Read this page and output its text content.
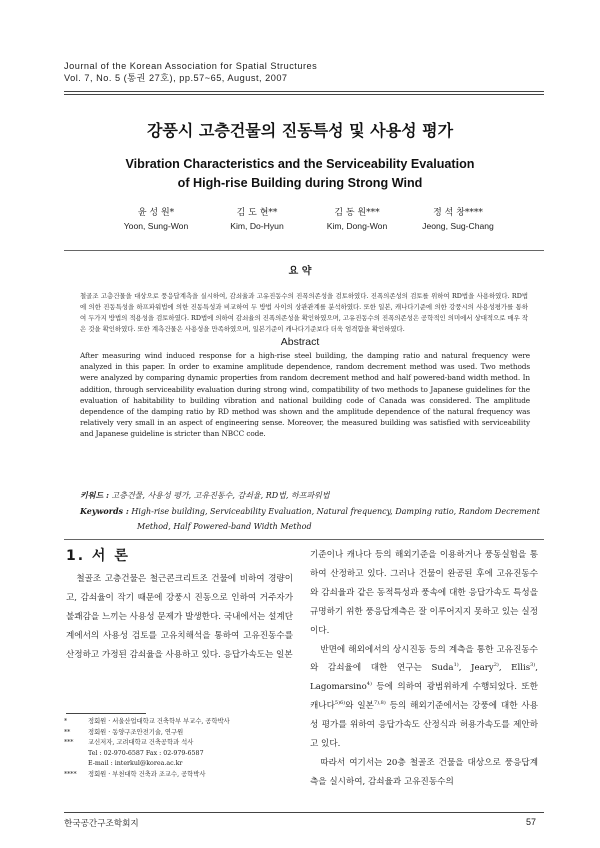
Journal of the Korean Association for Spatial Structures
Vol. 7, No. 5 (통권 27호), pp.57~65, August, 2007
강풍시 고층건물의 진동특성 및 사용성 평가
Vibration Characteristics and the Serviceability Evaluation
of High-rise Building during Strong Wind
윤 성 원*
Yoon, Sung-Won
김 도 현**
Kim, Do-Hyun
김 동 원***
Kim, Dong-Won
정 석 창****
Jeong, Sug-Chang
요 약
철골조 고층건물을 대상으로 풍응답계측을 실시하여, 감쇠율과 고유진동수의 진폭의존성을 검토하였다. 진폭의존성의 검토를 위하여 RD법을 사용하였다. RD법에 의한 진동특성을 하프파워법에 의한 진동특성과 비교하여 두 방법 사이의 상관관계를 분석하였다. 또한 일본, 캐나다기준에 의한 강풍시의 사용성평가를 통하여 두가지 방법의 적용성을 검토하였다. RD법에 의하여 감쇠율의 진폭의존성을 확인하였으며, 고유진동수의 진폭의존성은 공학적인 의미에서 상대적으로 매우 작은 것을 확인하였다. 또한 계측건물은 사용성을 만족하였으며, 일본기준이 캐나다기준보다 더욱 엄격함을 확인하였다.
Abstract
After measuring wind induced response for a high-rise steel building, the damping ratio and natural frequency were analyzed in this paper. In order to examine amplitude dependence, random decrement method was used. Two methods were analyzed by comparing dynamic properties from random decrement method and half powered-band width method. In addition, through serviceability evaluation during strong wind, compatibility of two methods to Japanese guidelines for the evaluation of habitability to building vibration and national building code of Canada was considered. The amplitude dependence of the damping ratio by RD method was shown and the amplitude dependence of the natural frequency was relatively very small in an aspect of engineering sense. Moreover, the measured building was satisfied with serviceability and Japanese guideline is stricter than NBCC code.
키워드 : 고층건물, 사용성 평가, 고유진동수, 감쇠율, RD법, 하프파워법
Keywords : High-rise building, Serviceability Evaluation, Natural frequency, Damping ratio, Random Decrement
Method, Half Powered-band Width Method
1. 서 론

철골조 고층건물은 철근콘크리트조 건물에 비하여 경량이고, 감쇠율이 작기 때문에 강풍시 진동으로 인하여 거주자가 불쾌감을 느끼는 사용성 문제가 발생한다. 국내에서는 설계단계에서의 사용성 검토를 고유치해석을 통하여 고유진동수를 산정하고 가정된 감쇠율을 사용하고 있다. 응답가속도는 일본

기준이나 캐나다 등의 해외기준을 이용하거나 풍동실험을 통하여 산정하고 있다. 그러나 건물이 완공된 후에 고유진동수와 감쇠율과 같은 동적특성과 풍속에 대한 응답가속도 특성을 규명하기 위한 풍응답계측은 잘 이루어지지 못하고 있는 실정이다.

반면에 해외에서의 상시진동 등의 계측을 통한 고유진동수와 감쇠율에 대한 연구는 Suda$^{1)}$, Jeary$^{2)}$, Ellis$^{3)}$, Lagomarsino$^{4)}$ 등에 의하여 광범위하게 수행되었다. 또한 캐나다$^{5)6)}$와 일본$^{7),8)}$ 등의 해외기준에서는 강풍에 대한 사용성 평가를 위하여 응답가속도 산정식과 허용가속도를 제안하고 있다.

따라서 여기서는 20층 철골조 건물을 대상으로 풍응답계측을 실시하여, 감쇠율과 고유진동수의

*	정회원 · 서울산업대학교 건축학부 부교수, 공학박사
**	정회원 · 동양구조안전기술, 연구원
***	교신저자, 고려대학교 건축공학과 석사
Tel : 02-970-6587 Fax : 02-979-6587
E-mail : interkul@korea.ac.kr
****	정회원 · 부천대학 건축과 조교수, 공학박사
한국공간구조학회지	57
